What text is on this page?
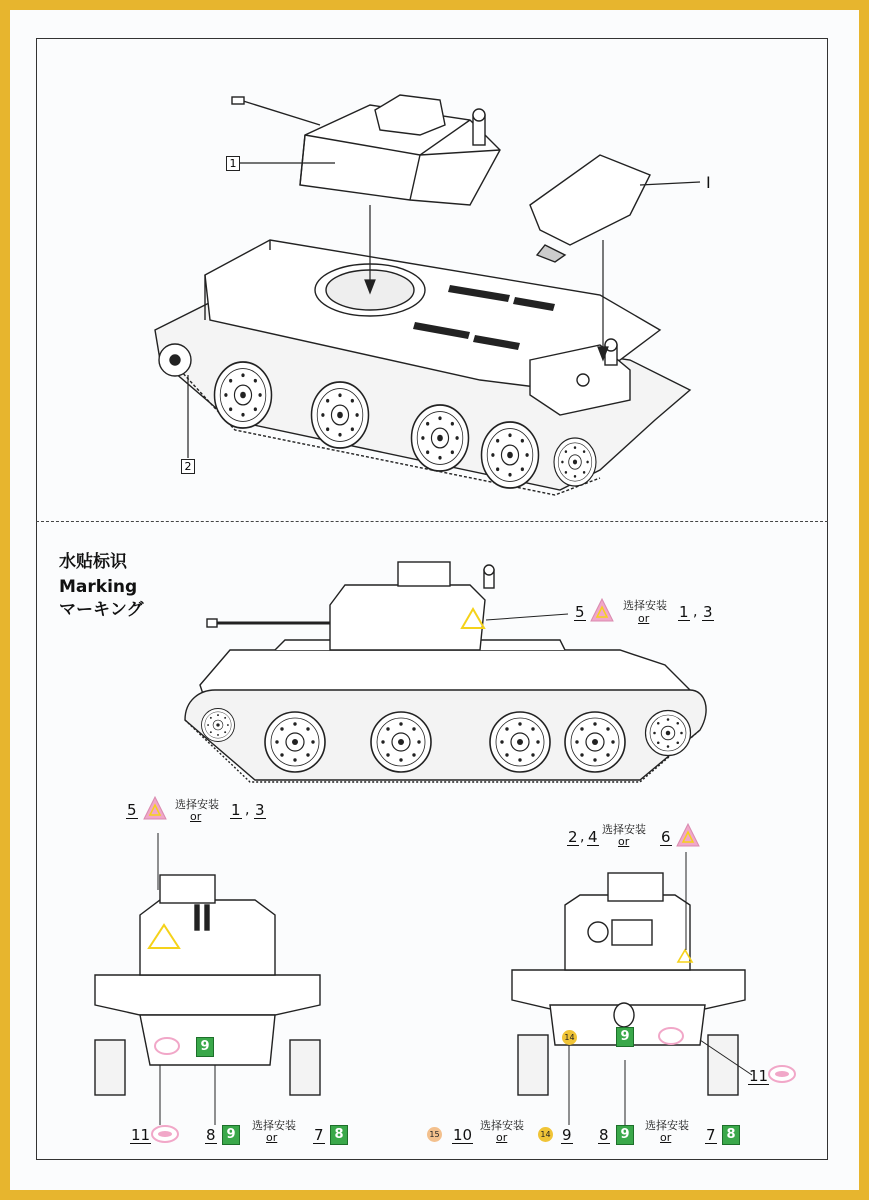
1
2
I
水贴标识
Marking
マーキング	5	选择安装
or 1 , 3
5	选择安装
or 1 , 3
9
11	8 9
选择安装
or 7 8
2 , 4 选择安装
or 6
14	9
11
15 10
选择安装
or	14 9 8 9
选择安装
or 7 8
